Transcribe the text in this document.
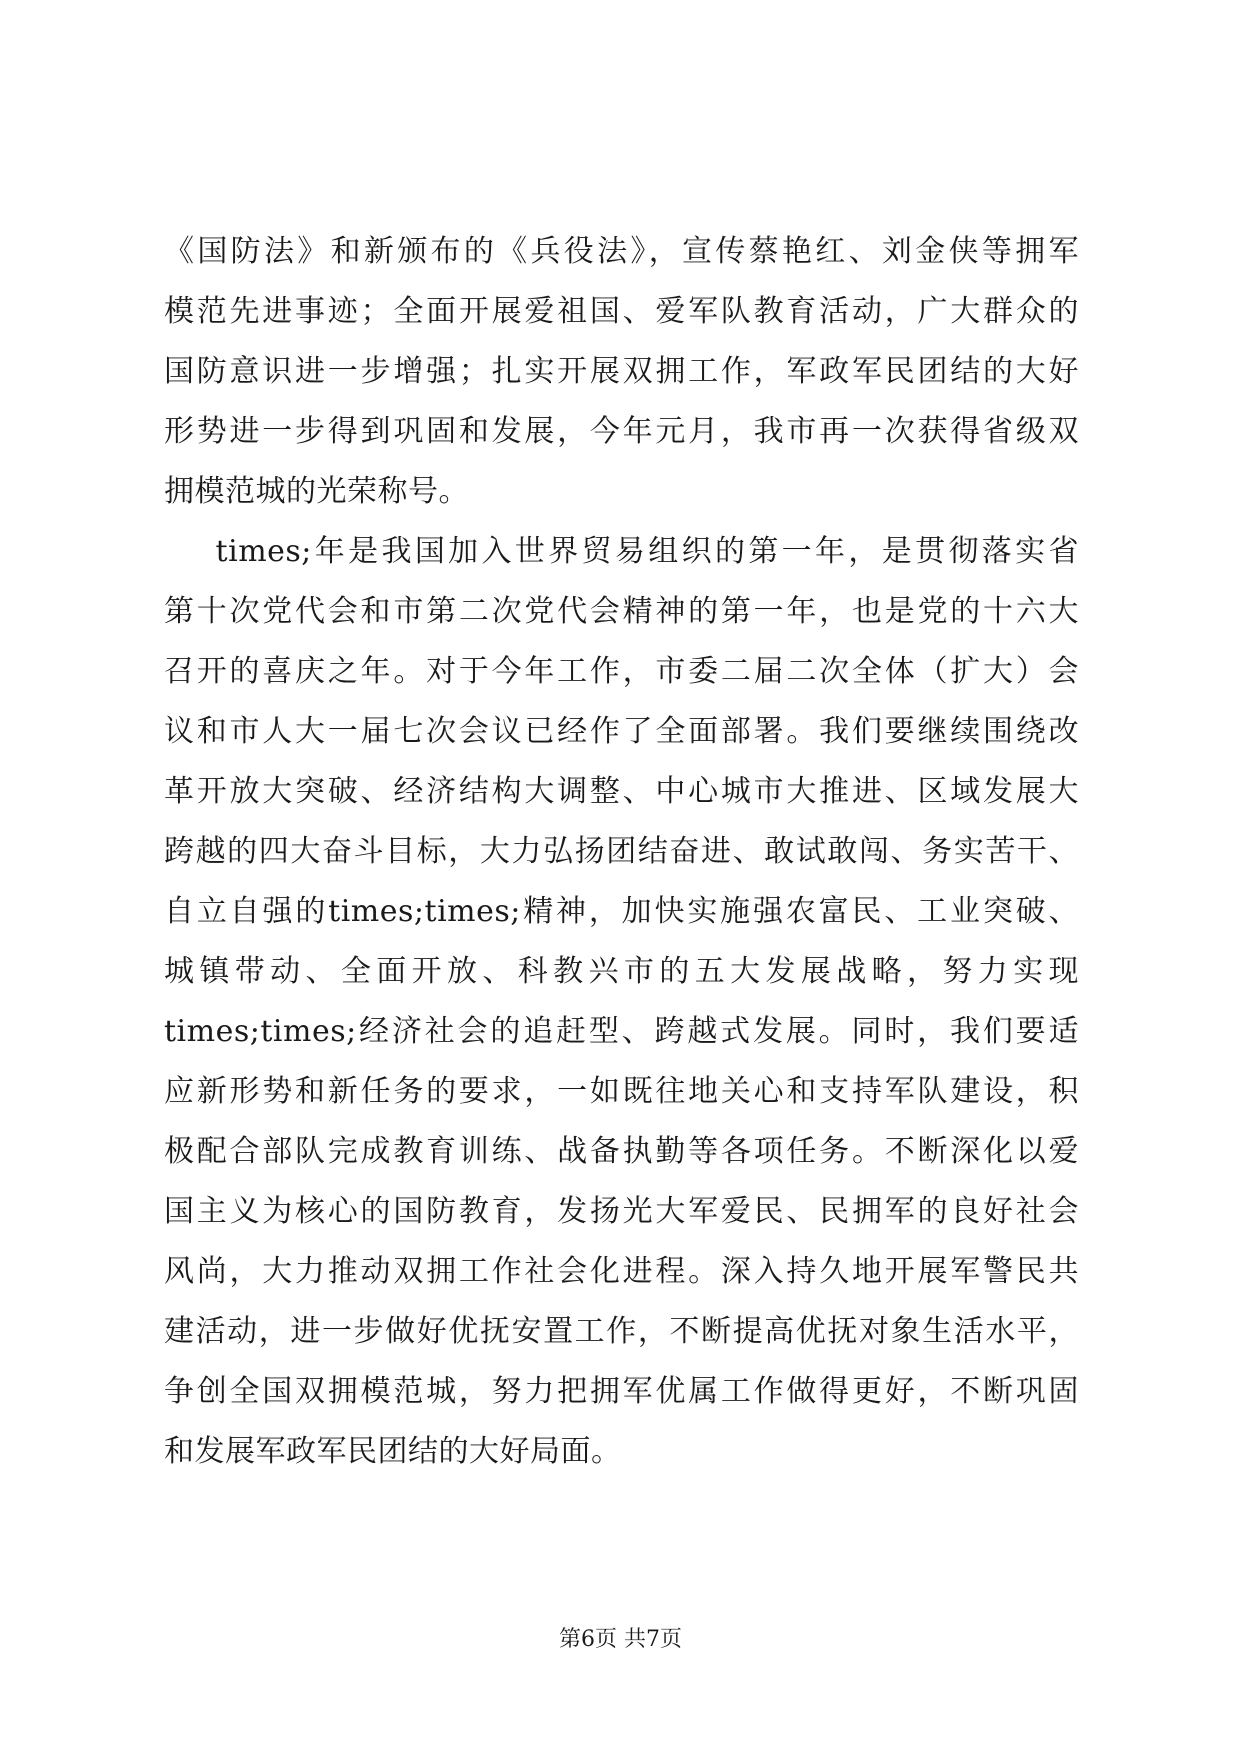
《国防法》和新颁布的《兵役法》，宣传蔡艳红、刘金侠等拥军
模范先进事迹；全面开展爱祖国、爱军队教育活动，广大群众的
国防意识进一步增强；扎实开展双拥工作，军政军民团结的大好
形势进一步得到巩固和发展，今年元月，我市再一次获得省级双
拥模范城的光荣称号。
times;年是我国加入世界贸易组织的第一年，是贯彻落实省
第十次党代会和市第二次党代会精神的第一年，也是党的十六大
召开的喜庆之年。对于今年工作，市委二届二次全体（扩大）会
议和市人大一届七次会议已经作了全面部署。我们要继续围绕改
革开放大突破、经济结构大调整、中心城市大推进、区域发展大
跨越的四大奋斗目标，大力弘扬团结奋进、敢试敢闯、务实苦干、
自立自强的times;times;精神，加快实施强农富民、工业突破、
城镇带动、全面开放、科教兴市的五大发展战略，努力实现
times;times;经济社会的追赶型、跨越式发展。同时，我们要适
应新形势和新任务的要求，一如既往地关心和支持军队建设，积
极配合部队完成教育训练、战备执勤等各项任务。不断深化以爱
国主义为核心的国防教育，发扬光大军爱民、民拥军的良好社会
风尚，大力推动双拥工作社会化进程。深入持久地开展军警民共
建活动，进一步做好优抚安置工作，不断提高优抚对象生活水平，
争创全国双拥模范城，努力把拥军优属工作做得更好，不断巩固
和发展军政军民团结的大好局面。
第6页 共7页
